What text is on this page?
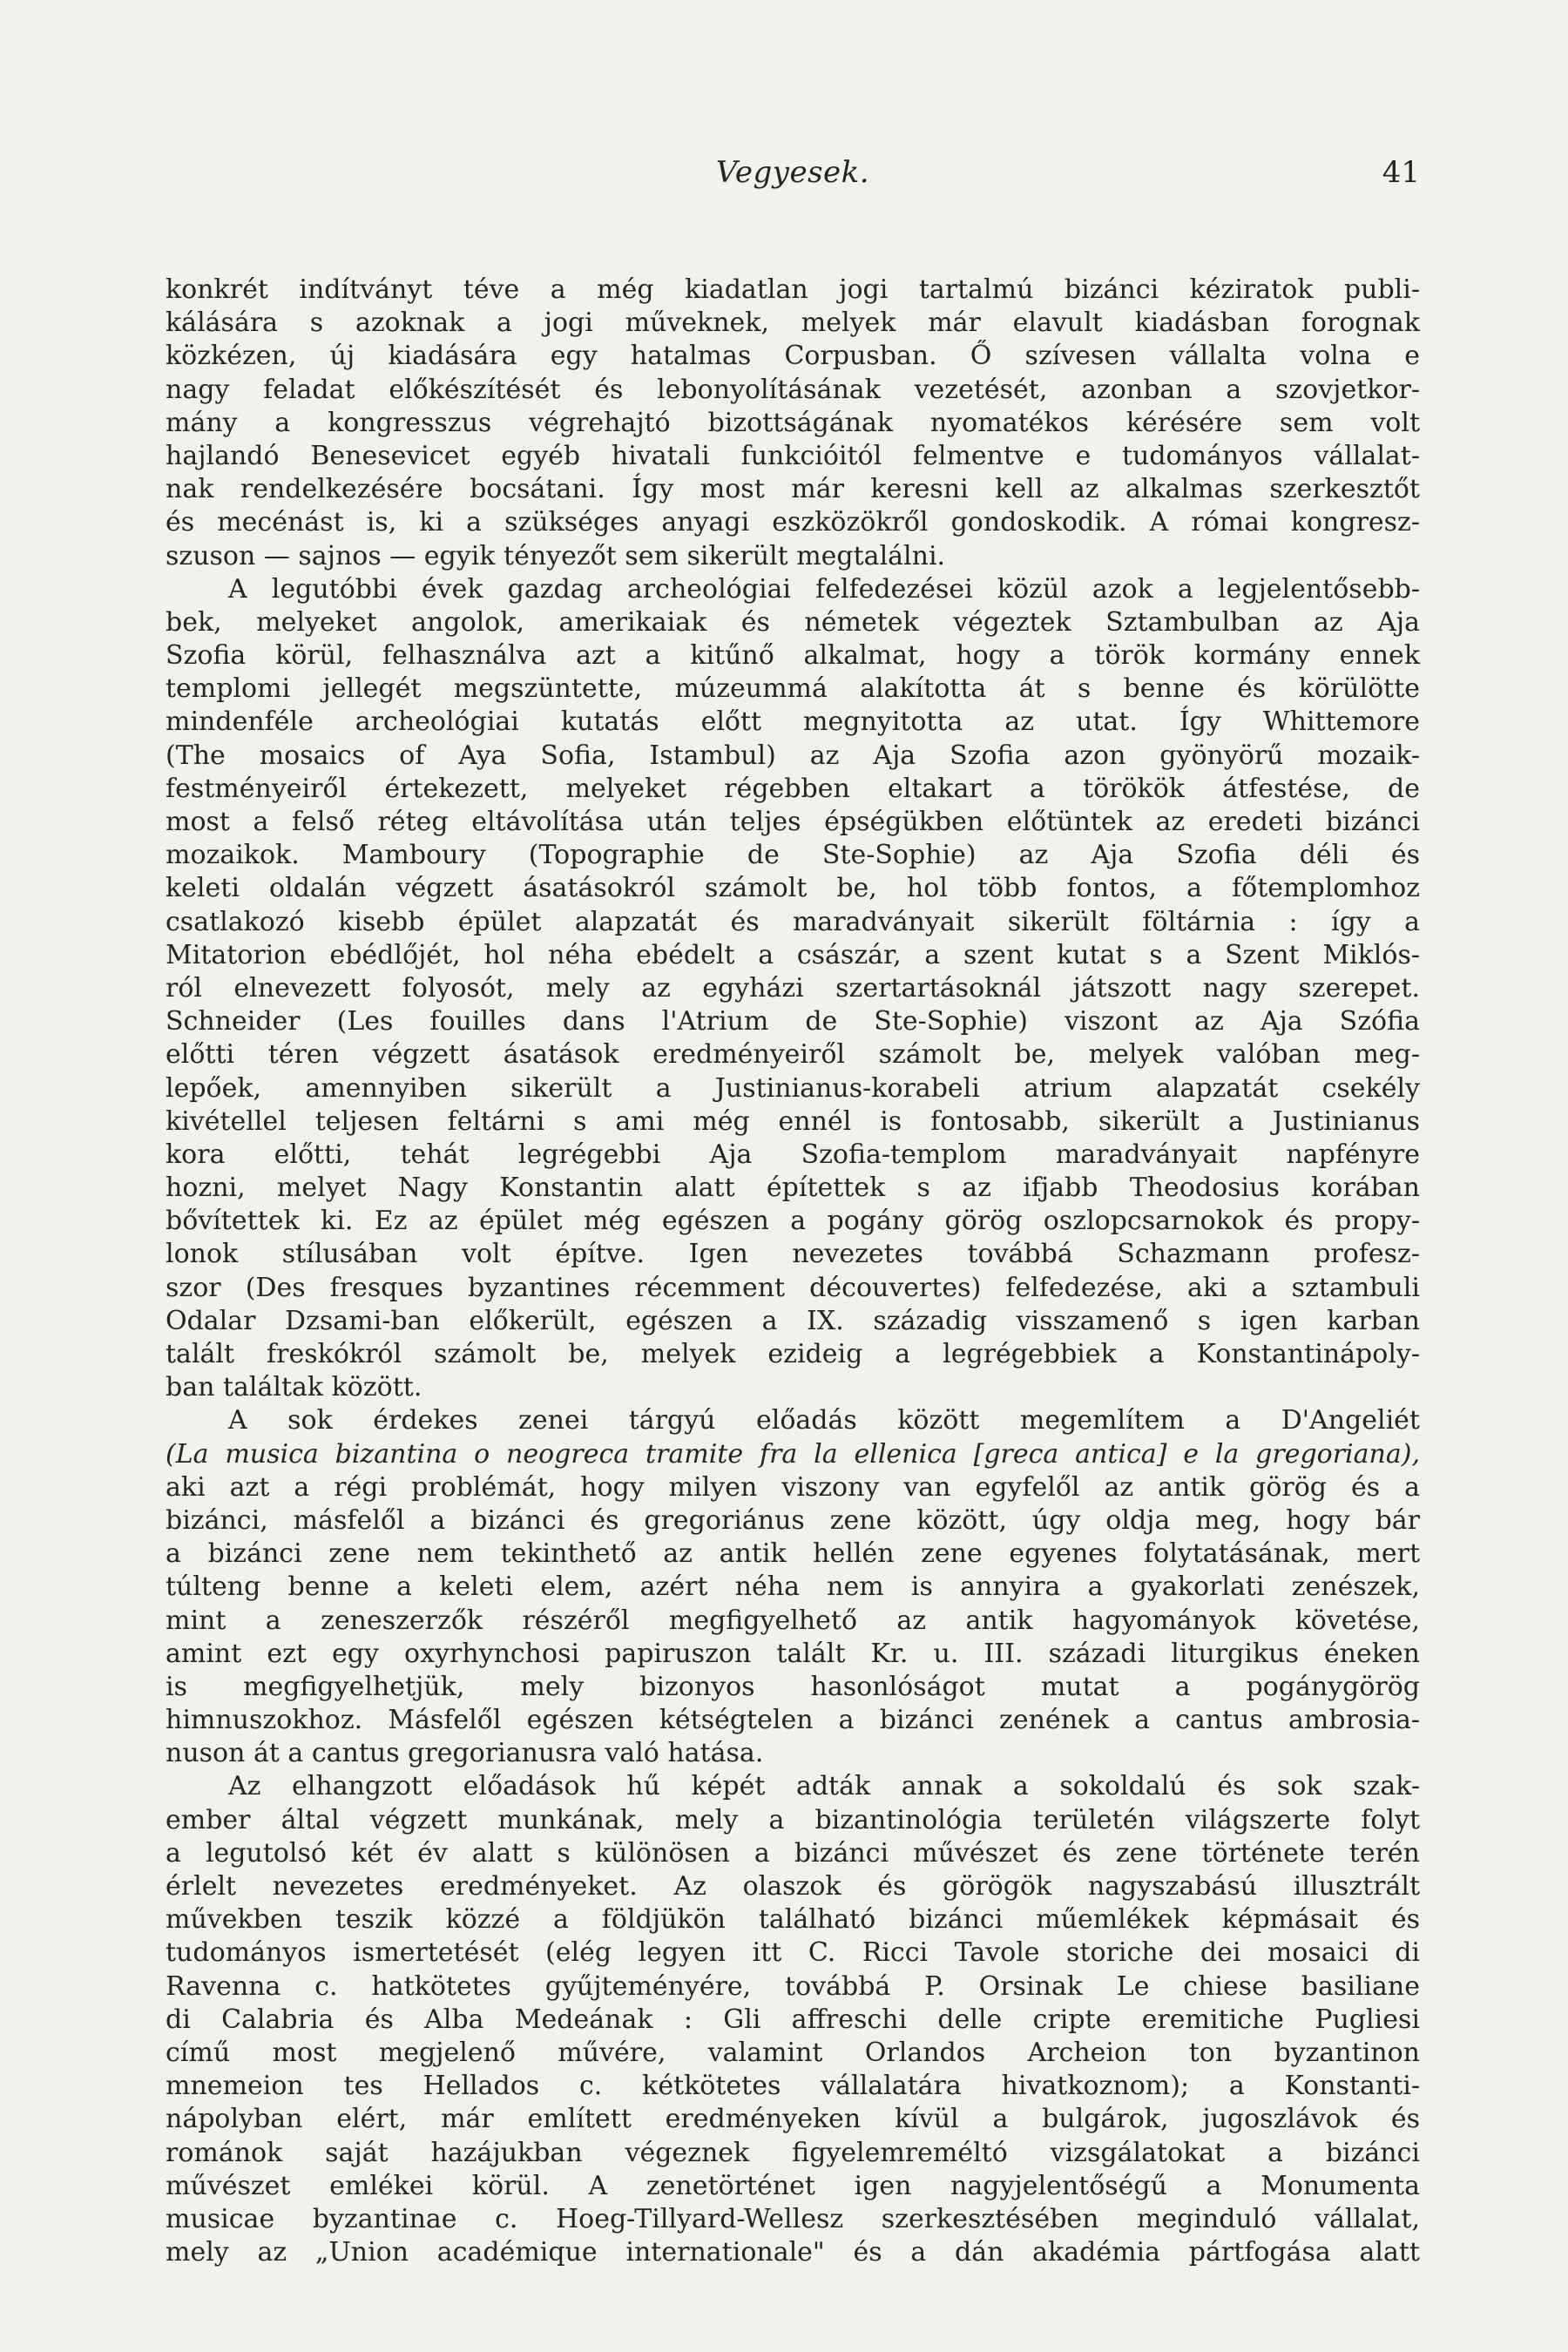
Vegyesek.	41
konkrét indítványt téve a még kiadatlan jogi tartalmú bizánci kéziratok publi-
kálására s azoknak a jogi műveknek, melyek már elavult kiadásban forognak
közkézen, új kiadására egy hatalmas Corpusban. Ő szívesen vállalta volna e
nagy feladat előkészítését és lebonyolításának vezetését, azonban a szovjetkor-
mány a kongresszus végrehajtó bizottságának nyomatékos kérésére sem volt
hajlandó Benesevicet egyéb hivatali funkcióitól felmentve e tudományos vállalat-
nak rendelkezésére bocsátani. Így most már keresni kell az alkalmas szerkesztőt
és mecénást is, ki a szükséges anyagi eszközökről gondoskodik. A római kongresz-
szuson — sajnos — egyik tényezőt sem sikerült megtalálni.
A legutóbbi évek gazdag archeológiai felfedezései közül azok a legjelentősebb-
bek, melyeket angolok, amerikaiak és németek végeztek Sztambulban az Aja
Szofia körül, felhasználva azt a kitűnő alkalmat, hogy a török kormány ennek
templomi jellegét megszüntette, múzeummá alakította át s benne és körülötte
mindenféle archeológiai kutatás előtt megnyitotta az utat. Így Whittemore
(The mosaics of Aya Sofia, Istambul) az Aja Szofia azon gyönyörű mozaik-
festményeiről értekezett, melyeket régebben eltakart a törökök átfestése, de
most a felső réteg eltávolítása után teljes épségükben előtüntek az eredeti bizánci
mozaikok. Mamboury (Topographie de Ste-Sophie) az Aja Szofia déli és
keleti oldalán végzett ásatásokról számolt be, hol több fontos, a főtemplomhoz
csatlakozó kisebb épület alapzatát és maradványait sikerült föltárnia : így a
Mitatorion ebédlőjét, hol néha ebédelt a császár, a szent kutat s a Szent Miklós-
ról elnevezett folyosót, mely az egyházi szertartásoknál játszott nagy szerepet.
Schneider (Les fouilles dans l'Atrium de Ste-Sophie) viszont az Aja Szófia
előtti téren végzett ásatások eredményeiről számolt be, melyek valóban meg-
lepőek, amennyiben sikerült a Justinianus-korabeli atrium alapzatát csekély
kivétellel teljesen feltárni s ami még ennél is fontosabb, sikerült a Justinianus
kora előtti, tehát legrégebbi Aja Szofia-templom maradványait napfényre
hozni, melyet Nagy Konstantin alatt építettek s az ifjabb Theodosius korában
bővítettek ki. Ez az épület még egészen a pogány görög oszlopcsarnokok és propy-
lonok stílusában volt építve. Igen nevezetes továbbá Schazmann profesz-
szor (Des fresques byzantines récemment découvertes) felfedezése, aki a sztambuli
Odalar Dzsami-ban előkerült, egészen a IX. századig visszamenő s igen karban
talált freskókról számolt be, melyek ezideig a legrégebbiek a Konstantinápoly-
ban találtak között.
A sok érdekes zenei tárgyú előadás között megemlítem a D'Angeliét
(La musica bizantina o neogreca tramite fra la ellenica [greca antica] e la gregoriana),
aki azt a régi problémát, hogy milyen viszony van egyfelől az antik görög és a
bizánci, másfelől a bizánci és gregoriánus zene között, úgy oldja meg, hogy bár
a bizánci zene nem tekinthető az antik hellén zene egyenes folytatásának, mert
túlteng benne a keleti elem, azért néha nem is annyira a gyakorlati zenészek,
mint a zeneszerzők részéről megfigyelhető az antik hagyományok követése,
amint ezt egy oxyrhynchosi papiruszon talált Kr. u. III. századi liturgikus éneken
is megfigyelhetjük, mely bizonyos hasonlóságot mutat a pogánygörög
himnuszokhoz. Másfelől egészen kétségtelen a bizánci zenének a cantus ambrosia-
nuson át a cantus gregorianusra való hatása.
Az elhangzott előadások hű képét adták annak a sokoldalú és sok szak-
ember által végzett munkának, mely a bizantinológia területén világszerte folyt
a legutolsó két év alatt s különösen a bizánci művészet és zene története terén
érlelt nevezetes eredményeket. Az olaszok és görögök nagyszabású illusztrált
művekben teszik közzé a földjükön található bizánci műemlékek képmásait és
tudományos ismertetését (elég legyen itt C. Ricci Tavole storiche dei mosaici di
Ravenna c. hatkötetes gyűjteményére, továbbá P. Orsinak Le chiese basiliane
di Calabria és Alba Medeának : Gli affreschi delle cripte eremitiche Pugliesi
című most megjelenő művére, valamint Orlandos Archeion ton byzantinon
mnemeion tes Hellados c. kétkötetes vállalatára hivatkoznom); a Konstanti-
nápolyban elért, már említett eredményeken kívül a bulgárok, jugoszlávok és
románok saját hazájukban végeznek figyelemreméltó vizsgálatokat a bizánci
művészet emlékei körül. A zenetörténet igen nagyjelentőségű a Monumenta
musicae byzantinae c. Hoeg-Tillyard-Wellesz szerkesztésében meginduló vállalat,
mely az „Union académique internationale" és a dán akadémia pártfogása alatt
